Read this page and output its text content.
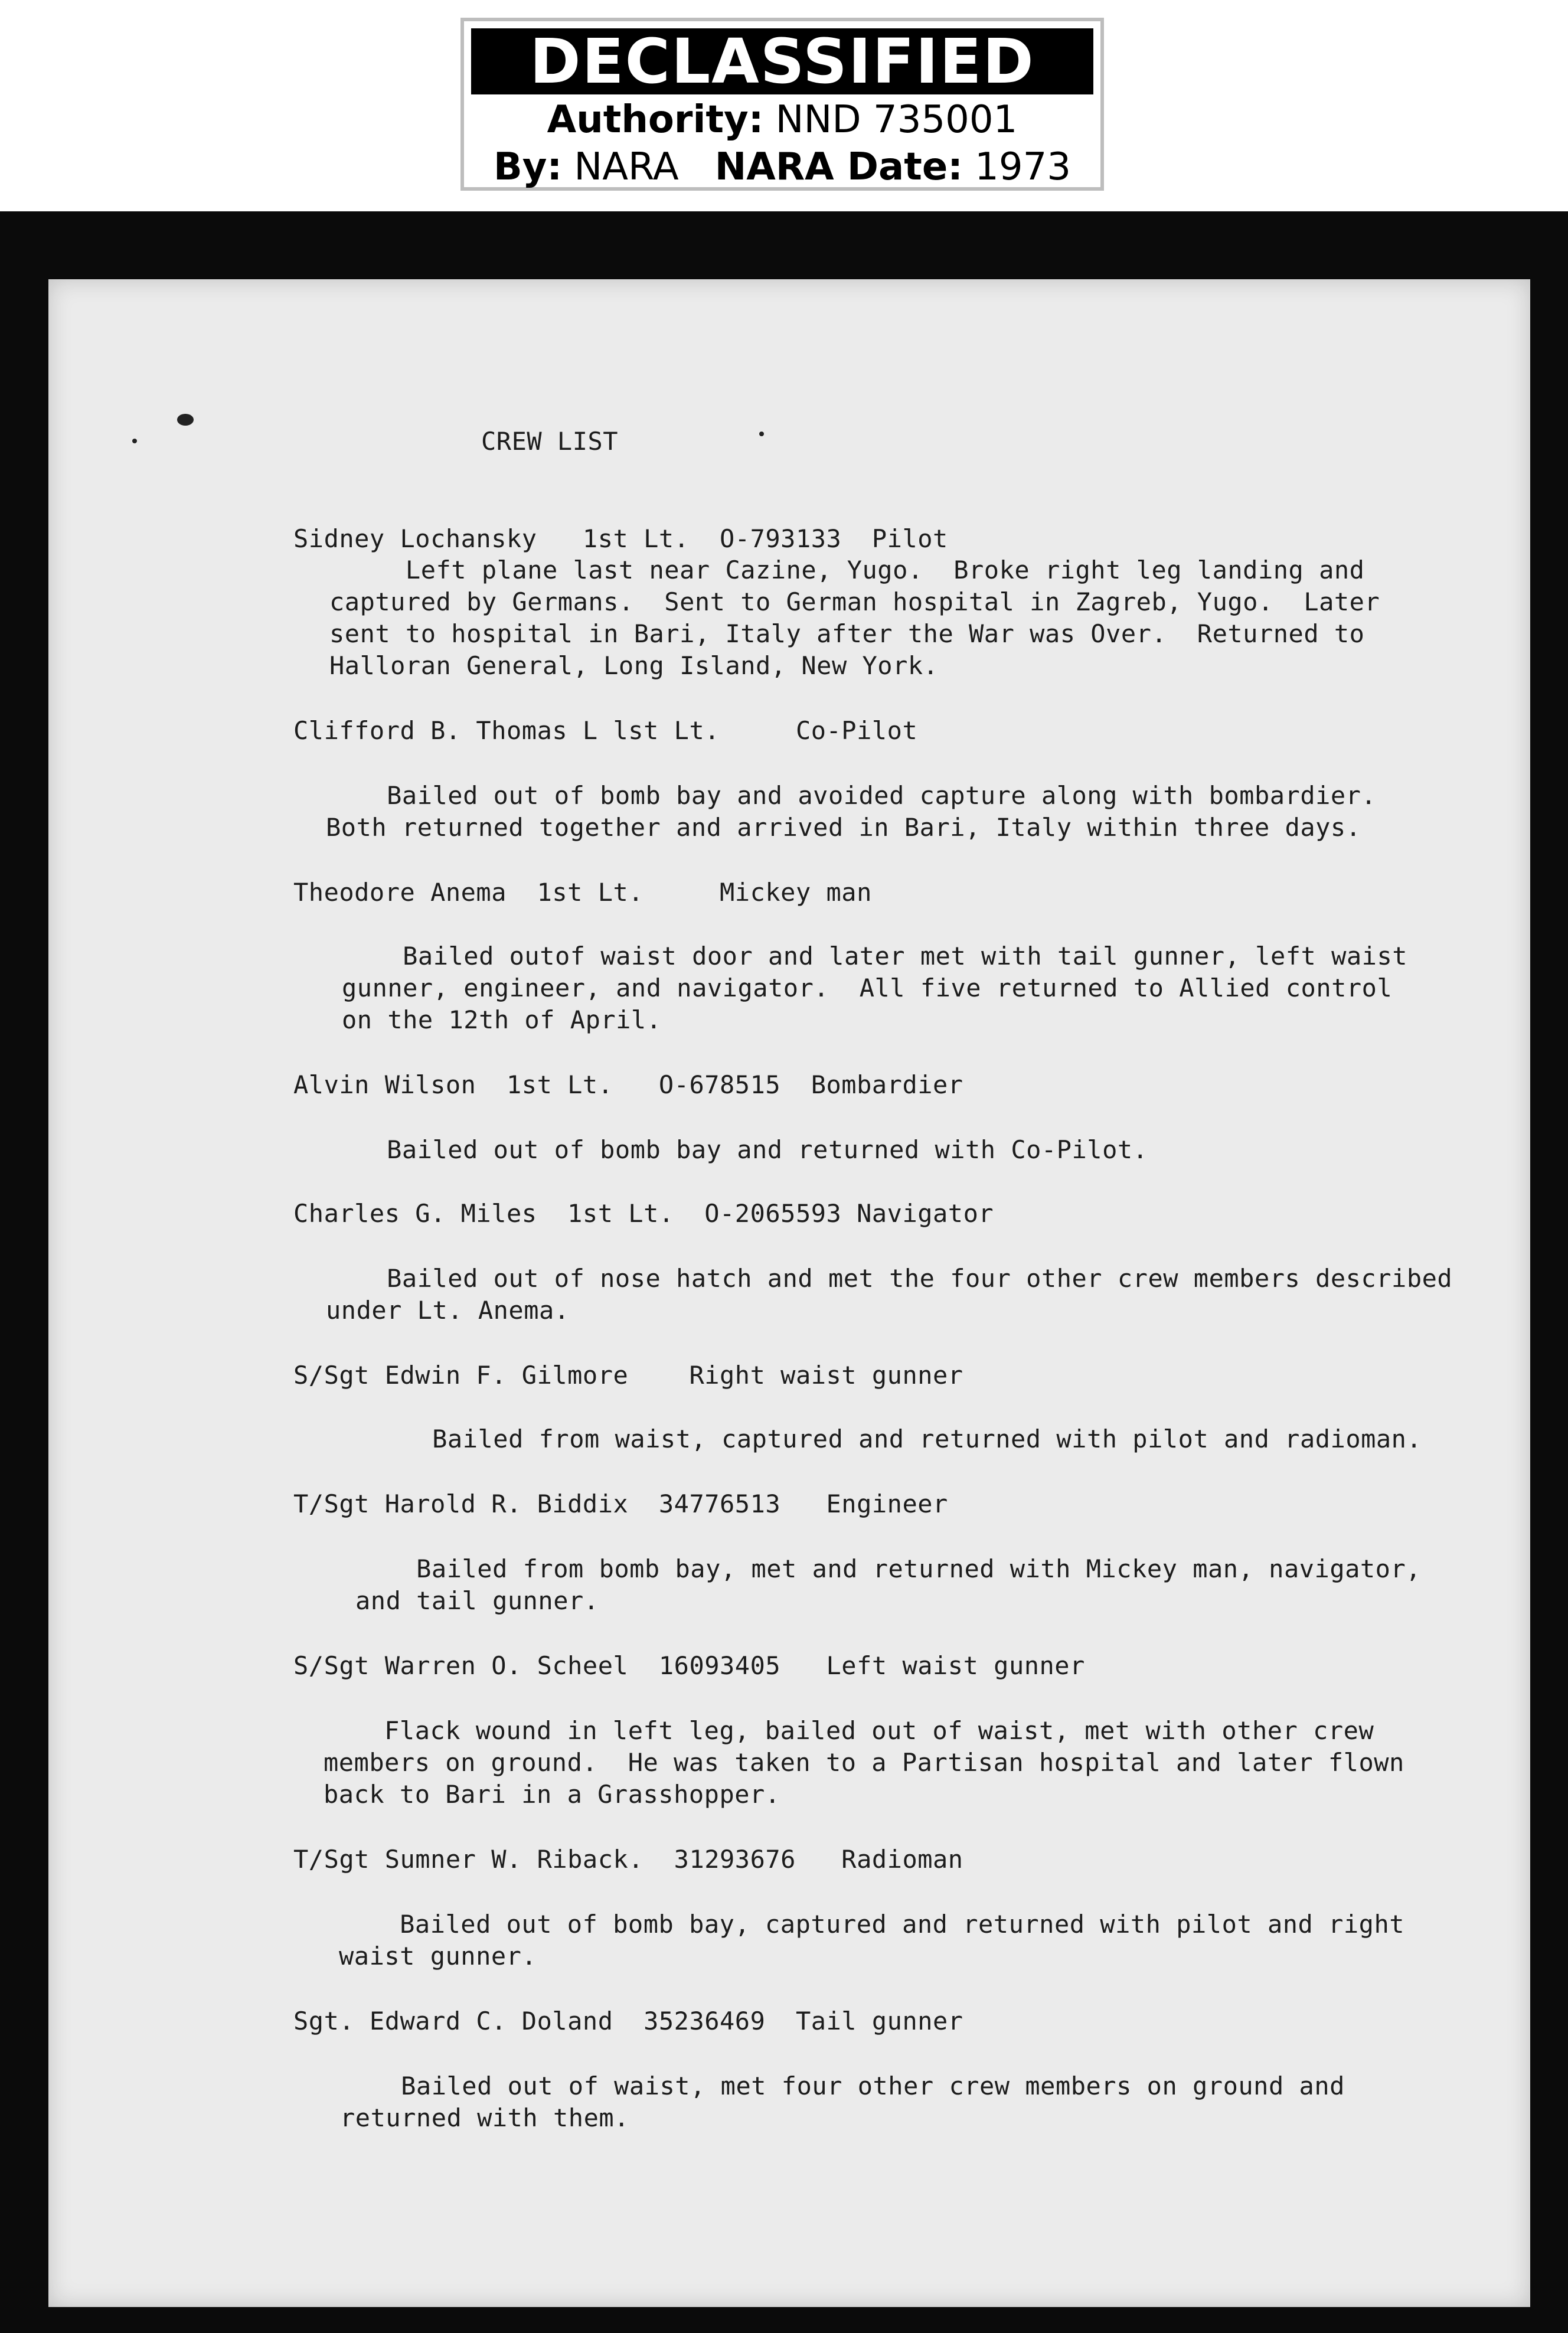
DECLASSIFIED
Authority: NND 735001
By: NARA NARA Date: 1973
CREW LIST
Sidney Lochansky   1st Lt.  O-793133  Pilot
Left plane last near Cazine, Yugo.  Broke right leg landing and
captured by Germans.  Sent to German hospital in Zagreb, Yugo.  Later
sent to hospital in Bari, Italy after the War was Over.  Returned to
Halloran General, Long Island, New York.
Clifford B. Thomas L lst Lt.     Co-Pilot
Bailed out of bomb bay and avoided capture along with bombardier.
Both returned together and arrived in Bari, Italy within three days.
Theodore Anema  1st Lt.     Mickey man
Bailed outof waist door and later met with tail gunner, left waist
gunner, engineer, and navigator.  All five returned to Allied control
on the 12th of April.
Alvin Wilson  1st Lt.   O-678515  Bombardier
Bailed out of bomb bay and returned with Co-Pilot.
Charles G. Miles  1st Lt.  O-2065593 Navigator
Bailed out of nose hatch and met the four other crew members described
under Lt. Anema.
S/Sgt Edwin F. Gilmore    Right waist gunner
Bailed from waist, captured and returned with pilot and radioman.
T/Sgt Harold R. Biddix  34776513   Engineer
Bailed from bomb bay, met and returned with Mickey man, navigator,
and tail gunner.
S/Sgt Warren O. Scheel  16093405   Left waist gunner
Flack wound in left leg, bailed out of waist, met with other crew
members on ground.  He was taken to a Partisan hospital and later flown
back to Bari in a Grasshopper.
T/Sgt Sumner W. Riback.  31293676   Radioman
Bailed out of bomb bay, captured and returned with pilot and right
waist gunner.
Sgt. Edward C. Doland  35236469  Tail gunner
Bailed out of waist, met four other crew members on ground and
returned with them.
